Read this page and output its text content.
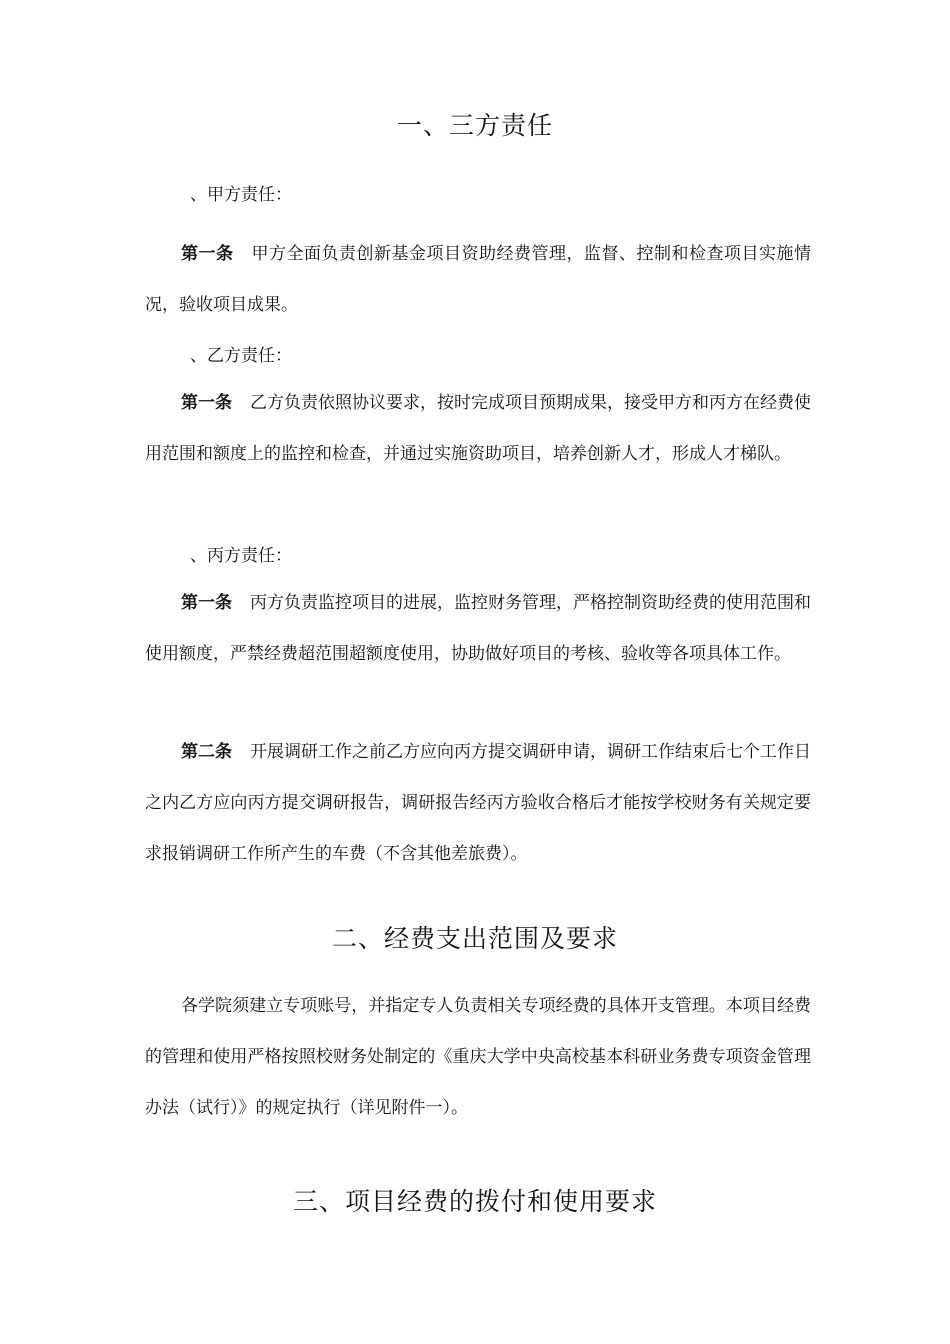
一、三方责任

、甲方责任：

第一条 甲方全面负责创新基金项目资助经费管理，监督、控制和检查项目实施情况，验收项目成果。

、乙方责任：

第一条 乙方负责依照协议要求，按时完成项目预期成果，接受甲方和丙方在经费使用范围和额度上的监控和检查，并通过实施资助项目，培养创新人才，形成人才梯队。

、丙方责任：

第一条 丙方负责监控项目的进展，监控财务管理，严格控制资助经费的使用范围和使用额度，严禁经费超范围超额度使用，协助做好项目的考核、验收等各项具体工作。

第二条 开展调研工作之前乙方应向丙方提交调研申请，调研工作结束后七个工作日之内乙方应向丙方提交调研报告，调研报告经丙方验收合格后才能按学校财务有关规定要求报销调研工作所产生的车费（不含其他差旅费）。

二、经费支出范围及要求

各学院须建立专项账号，并指定专人负责相关专项经费的具体开支管理。本项目经费的管理和使用严格按照校财务处制定的《重庆大学中央高校基本科研业务费专项资金管理办法（试行）》的规定执行（详见附件一）。

三、项目经费的拨付和使用要求
